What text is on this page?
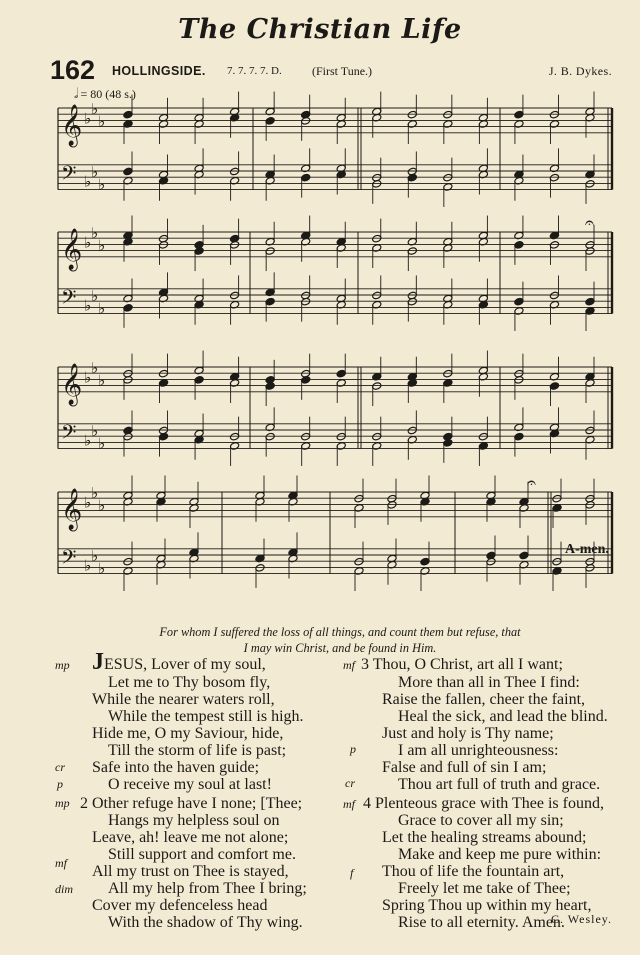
The Christian Life
162 HOLLINGSIDE. 7. 7. 7. 7. D.	(First Tune.)	J. B. Dykes.
𝅗𝅥 = 80 (48 s.)
𝄞 ♭
♭
♭
𝄢 ♭
♭
♭
𝄞 ♭
♭
♭
𝄢 ♭
♭
♭
𝄐
𝄞 ♭
♭
♭
𝄢 ♭
♭
♭
𝄞 ♭
♭
♭
𝄢 ♭
♭
♭
𝄐
A-men.
For whom I suffered the loss of all things, and count them but refuse, that
I may win Christ, and be found in Him.
mp
cr
p
mp
mf
dim
JESUS, Lover of my soul,
Let me to Thy bosom fly,
While the nearer waters roll,
While the tempest still is high.
Hide me, O my Saviour, hide,
Till the storm of life is past;
Safe into the haven guide;
O receive my soul at last!
2 Other refuge have I none; [Thee;
Hangs my helpless soul on
Leave, ah! leave me not alone;
Still support and comfort me.
All my trust on Thee is stayed,
All my help from Thee I bring;
Cover my defenceless head
With the shadow of Thy wing.
mf
p
cr
mf
f
3 Thou, O Christ, art all I want;
More than all in Thee I find:
Raise the fallen, cheer the faint,
Heal the sick, and lead the blind.
Just and holy is Thy name;
I am all unrighteousness:
False and full of sin I am;
Thou art full of truth and grace.
4 Plenteous grace with Thee is found,
Grace to cover all my sin;
Let the healing streams abound;
Make and keep me pure within:
Thou of life the fountain art,
Freely let me take of Thee;
Spring Thou up within my heart,
Rise to all eternity. Amen.
C. Wesley.
